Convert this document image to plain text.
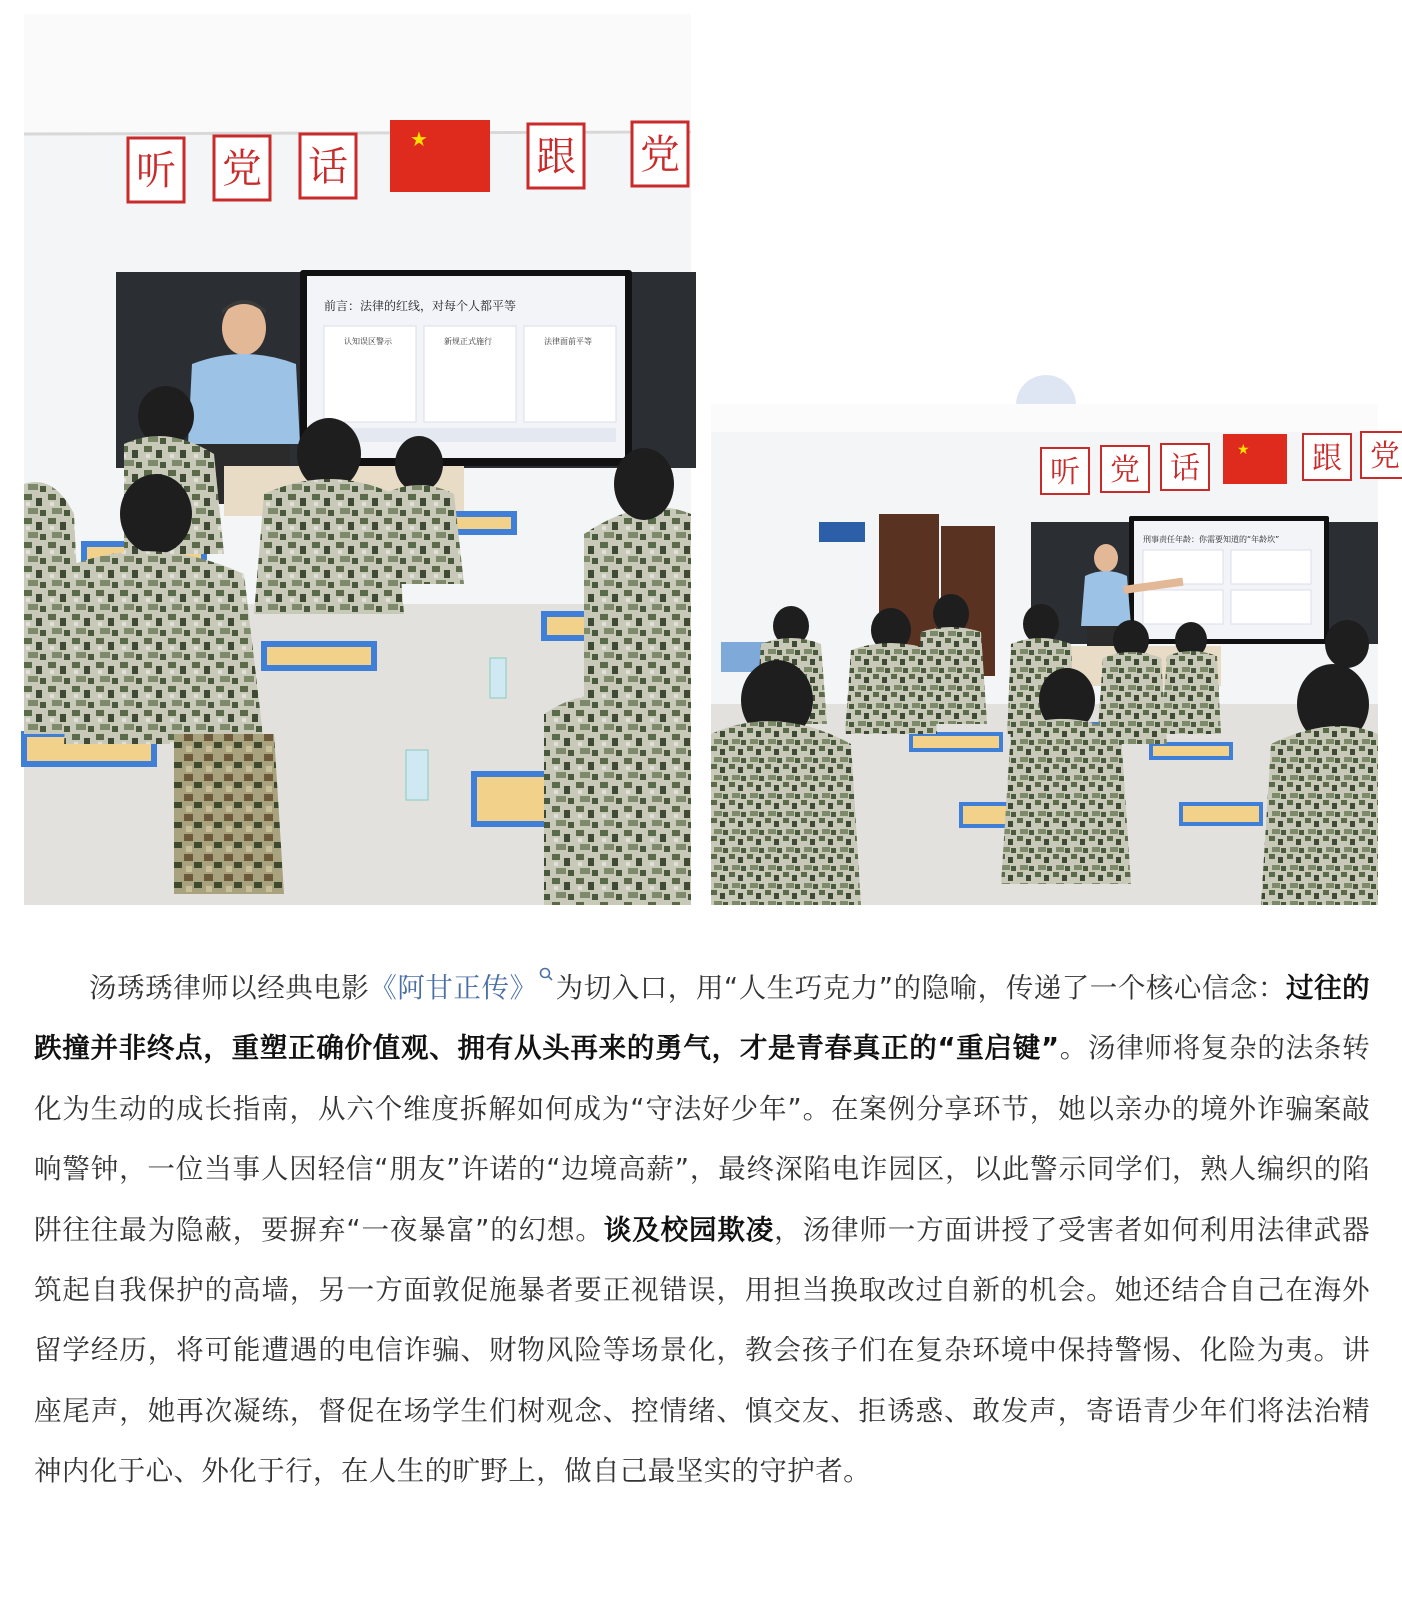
★
听 党 话	跟 党
前言：法律的红线，对每个人都平等
认知误区警示	新规正式施行	法律面前平等
★
听 党 话	跟 党
刑事责任年龄：你需要知道的“年龄坎”

汤琇琇律师以经典电影《阿甘正传》 为切入口，用“人生巧克力”的隐喻，传递了一个核心信念：过往的跌撞并非终点，重塑正确价值观、拥有从头再来的勇气，才是青春真正的“重启键”。汤律师将复杂的法条转化为生动的成长指南，从六个维度拆解如何成为“守法好少年”。在案例分享环节，她以亲办的境外诈骗案敲响警钟，一位当事人因轻信“朋友”许诺的“边境高薪”，最终深陷电诈园区，以此警示同学们，熟人编织的陷阱往往最为隐蔽，要摒弃“一夜暴富”的幻想。谈及校园欺凌，汤律师一方面讲授了受害者如何利用法律武器筑起自我保护的高墙，另一方面敦促施暴者要正视错误，用担当换取改过自新的机会。她还结合自己在海外留学经历，将可能遭遇的电信诈骗、财物风险等场景化，教会孩子们在复杂环境中保持警惕、化险为夷。讲座尾声，她再次凝练，督促在场学生们树观念、控情绪、慎交友、拒诱惑、敢发声，寄语青少年们将法治精神内化于心、外化于行，在人生的旷野上，做自己最坚实的守护者。
